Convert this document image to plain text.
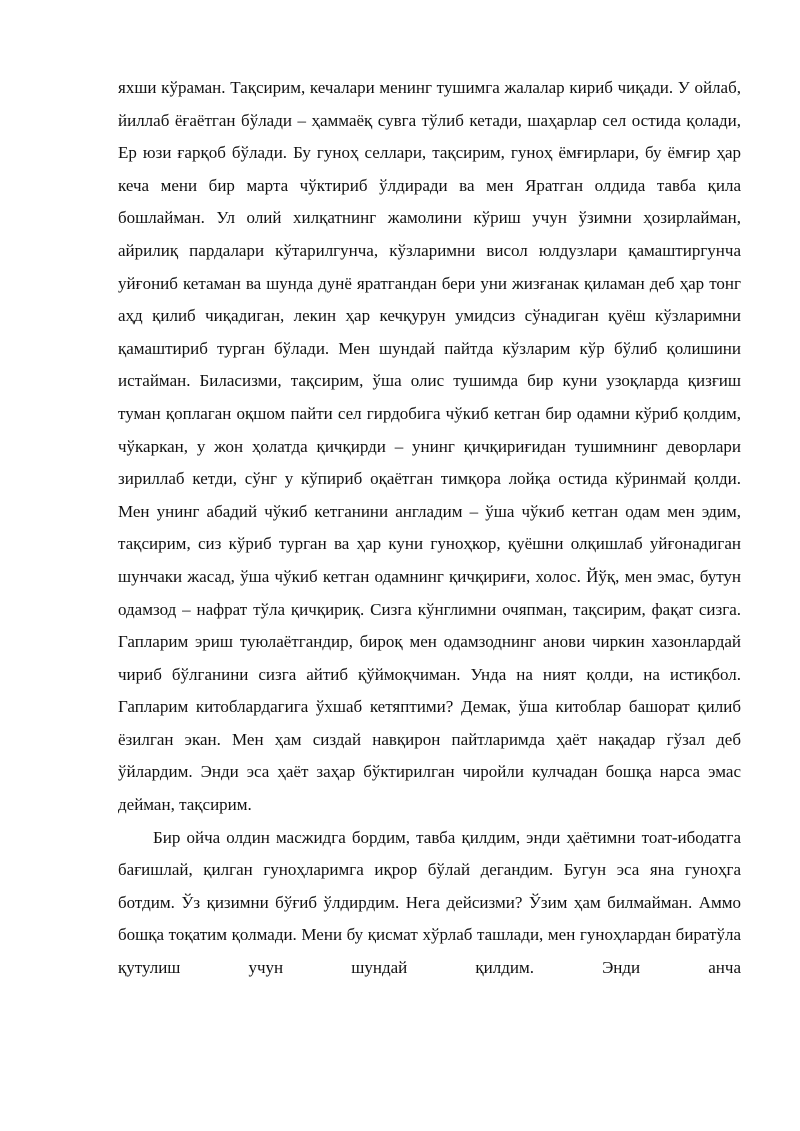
яхши кўраман. Тақсирим, кечалари менинг тушимга жалалар кириб чиқади. У ойлаб, йиллаб ёғаётган бўлади – ҳаммаёқ сувга тўлиб кетади, шаҳарлар сел остида қолади, Ер юзи ғарқоб бўлади. Бу гуноҳ селлари, тақсирим, гуноҳ ёмғирлари, бу ёмғир ҳар кеча мени бир марта чўктириб ўлдиради ва мен Яратган олдида тавба қила бошлайман. Ул олий хилқатнинг жамолини кўриш учун ўзимни ҳозирлайман, айрилиқ пардалари кўтарилгунча, кўзларимни висол юлдузлари қамаштиргунча уйғониб кетаман ва шунда дунё яратгандан бери уни жизғанак қиламан деб ҳар тонг аҳд қилиб чиқадиган, лекин ҳар кечқурун умидсиз сўнадиган қуёш кўзларимни қамаштириб турган бўлади. Мен шундай пайтда кўзларим кўр бўлиб қолишини истайман. Биласизми, тақсирим, ўша олис тушимда бир куни узоқларда қизғиш туман қоплаган оқшом пайти сел гирдобига чўкиб кетган бир одамни кўриб қолдим, чўкаркан, у жон ҳолатда қичқирди – унинг қичқириғидан тушимнинг деворлари зириллаб кетди, сўнг у кўпириб оқаётган тимқора лойқа остида кўринмай қолди. Мен унинг абадий чўкиб кетганини англадим – ўша чўкиб кетган одам мен эдим, тақсирим, сиз кўриб турган ва ҳар куни гуноҳкор, қуёшни олқишлаб уйғонадиган шунчаки жасад, ўша чўкиб кетган одамнинг қичқириғи, холос. Йўқ, мен эмас, бутун одамзод – нафрат тўла қичқириқ. Сизга кўнглимни очяпман, тақсирим, фақат сизга. Гапларим эриш туюлаётгандир, бироқ мен одамзоднинг анови чиркин хазонлардай чириб бўлганини сизга айтиб қўймоқчиман. Унда на ният қолди, на истиқбол. Гапларим китоблардагига ўхшаб кетяптими? Демак, ўша китоблар башорат қилиб ёзилган экан. Мен ҳам сиздай навқирон пайтларимда ҳаёт нақадар гўзал деб ўйлардим. Энди эса ҳаёт заҳар бўктирилган чиройли кулчадан бошқа нарса эмас дейман, тақсирим.

Бир ойча олдин масжидга бордим, тавба қилдим, энди ҳаётимни тоат-ибодатга бағишлай, қилган гуноҳларимга иқрор бўлай дегандим. Бугун эса яна гуноҳга ботдим. Ўз қизимни бўғиб ўлдирдим. Нега дейсизми? Ўзим ҳам билмайман. Аммо бошқа тоқатим қолмади. Мени бу қисмат хўрлаб ташлади, мен гуноҳлардан биратўла қутулиш учун шундай қилдим. Энди анча
